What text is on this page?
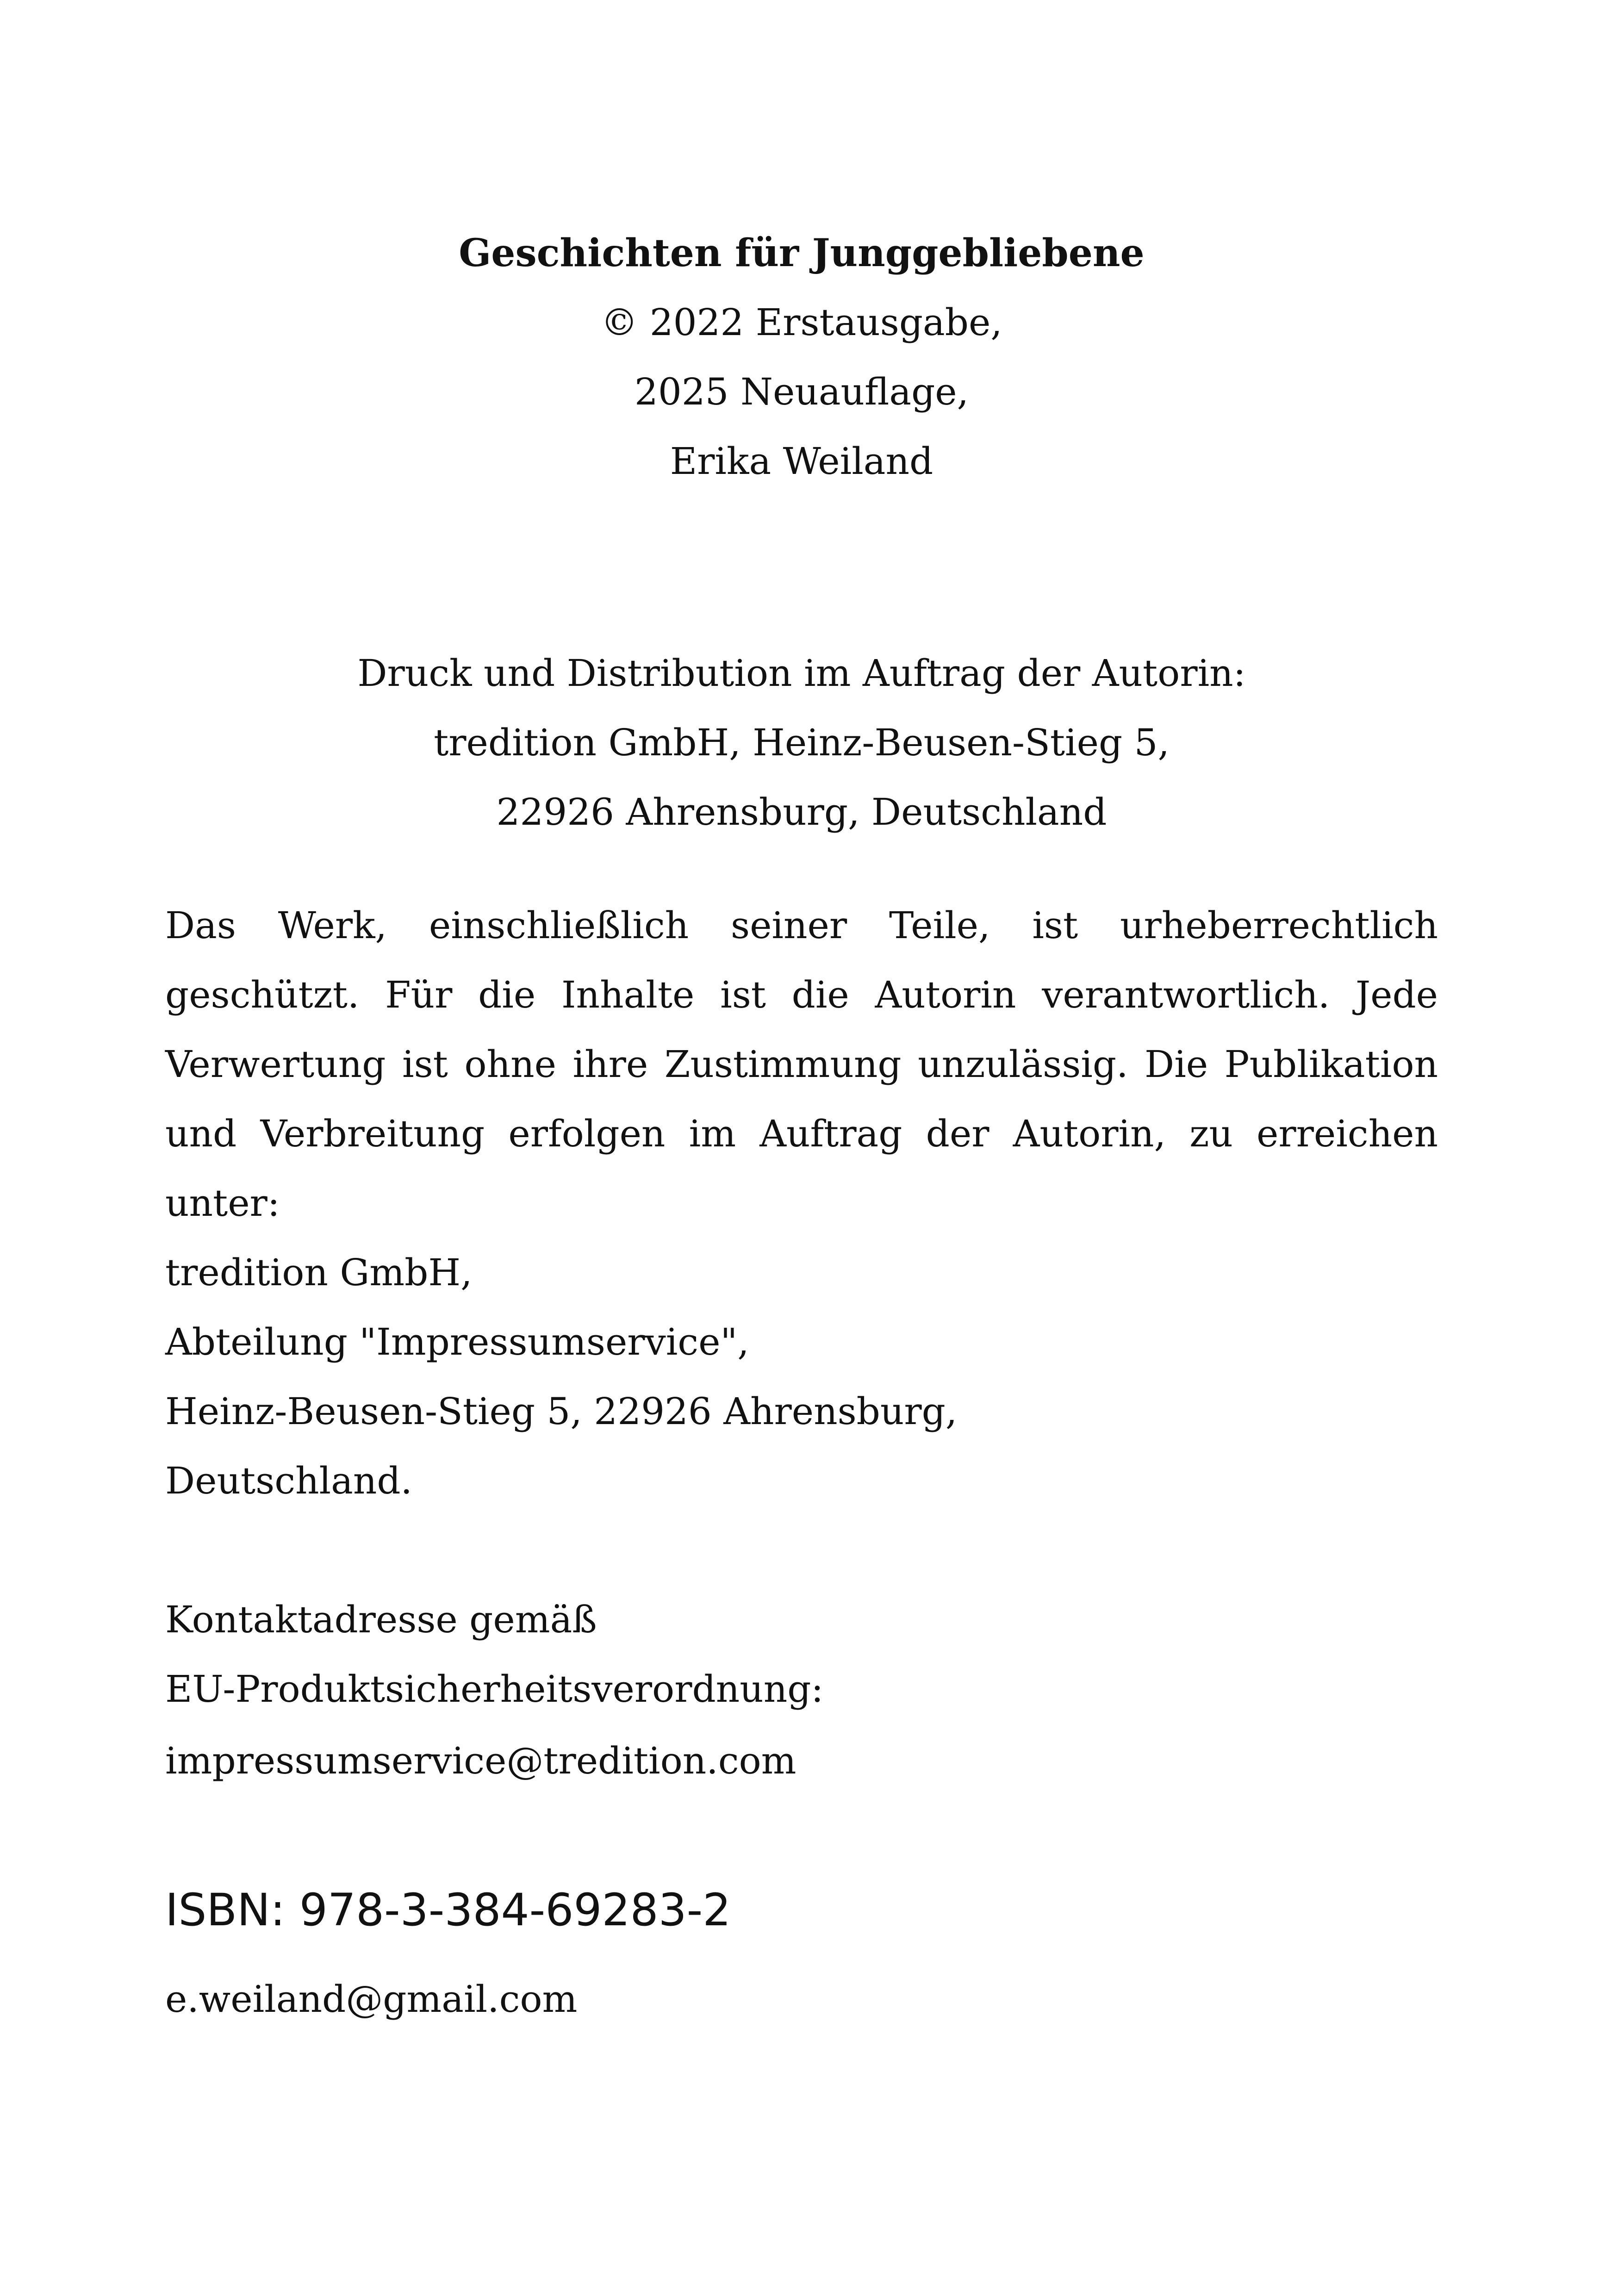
Geschichten für Junggebliebene
© 2022 Erstausgabe,
2025 Neuauflage,
Erika Weiland
Druck und Distribution im Auftrag der Autorin:
tredition GmbH, Heinz-Beusen-Stieg 5,
22926 Ahrensburg, Deutschland

Das Werk, einschließlich seiner Teile, ist urheberrechtlich geschützt. Für die Inhalte ist die Autorin verantwortlich. Jede Verwertung ist ohne ihre Zustimmung unzulässig. Die Publikation und Verbreitung erfolgen im Auftrag der Autorin, zu erreichen unter:

tredition GmbH,
Abteilung "Impressumservice",
Heinz-Beusen-Stieg 5, 22926 Ahrensburg,
Deutschland.
Kontaktadresse gemäß
EU-Produktsicherheitsverordnung:
impressumservice@tredition.com
ISBN: 978-3-384-69283-2
e.weiland@gmail.com
